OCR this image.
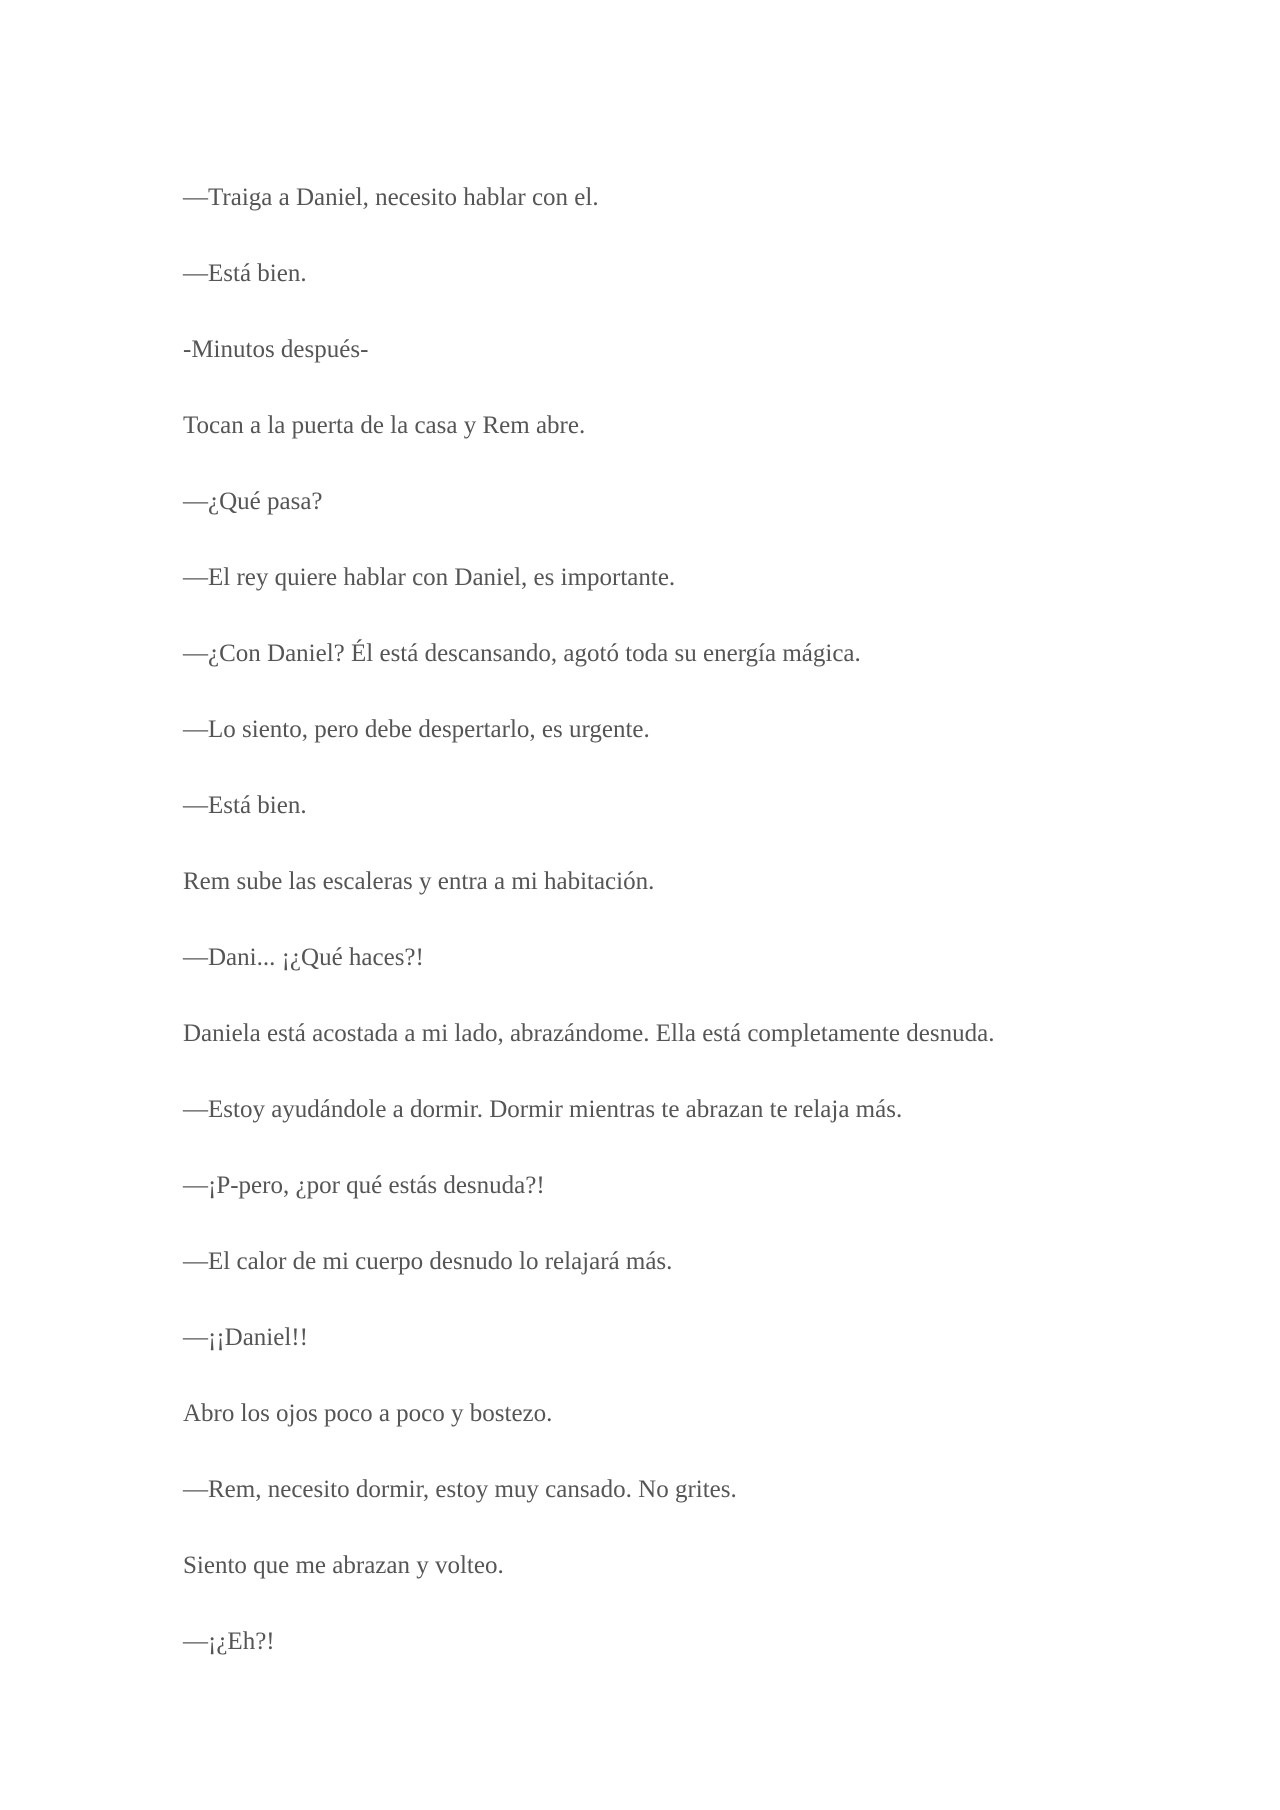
—Traiga a Daniel, necesito hablar con el.

—Está bien.

-Minutos después-

Tocan a la puerta de la casa y Rem abre.

—¿Qué pasa?

—El rey quiere hablar con Daniel, es importante.

—¿Con Daniel? Él está descansando, agotó toda su energía mágica.

—Lo siento, pero debe despertarlo, es urgente.

—Está bien.

Rem sube las escaleras y entra a mi habitación.

—Dani... ¡¿Qué haces?!

Daniela está acostada a mi lado, abrazándome. Ella está completamente desnuda.

—Estoy ayudándole a dormir. Dormir mientras te abrazan te relaja más.

—¡P-pero, ¿por qué estás desnuda?!

—El calor de mi cuerpo desnudo lo relajará más.

—¡¡Daniel!!

Abro los ojos poco a poco y bostezo.

—Rem, necesito dormir, estoy muy cansado. No grites.

Siento que me abrazan y volteo.

—¡¿Eh?!
